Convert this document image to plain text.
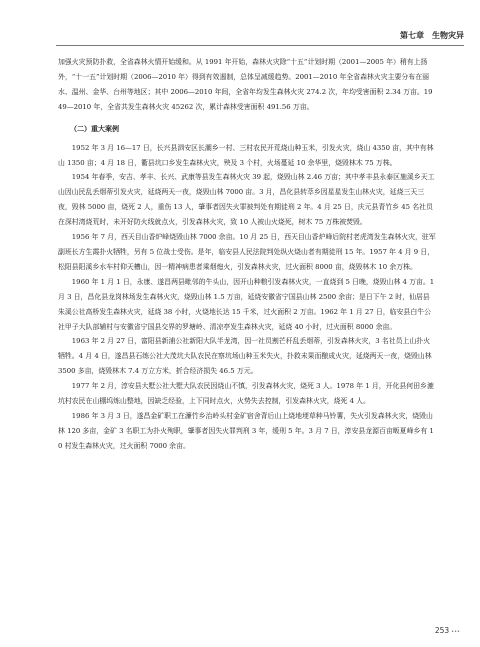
第七章　生物灾异

加强火灾预防扑救，全省森林火情开始缓和。从 1991 年开始，森林火灾除“十五”计划时期（2001—2005 年）稍有上扬外，“十一五”计划时期（2006—2010 年）得到有效遏制，总体呈减缓趋势。2001—2010 年全省森林火灾主要分布在丽水、温州、金华、台州等地区；其中 2006—2010 年间，全省年均发生森林火灾 274.2 次，年均受害面积 2.34 万亩。1949—2010 年，全省共发生森林火灾 45262 次，累计森林受害面积 491.56 万亩。

（二）重大案例

1952 年 3 月 16—17 日，长兴县泗安区长潮乡一村、三村农民开荒烧山种玉米，引发火灾，烧山 4350 亩，其中有林山 1350 亩；4 月 18 日，衢县坑口乡发生森林火灾，殃及 3 个村，火场蔓延 10 余华里，烧毁林木 75 万株。

1954 年春季，安吉、孝丰、长兴、武康等县发生森林火灾 39 起，烧毁山林 2.46 万亩；其中孝丰县永泰区施溪乡天工山因山民乱丢烟蒂引发火灾，延烧两天一夜，烧毁山林 7000 亩。3 月，昌化县转萃乡因星星发生山林火灾，延烧三天三夜，毁林 5000 亩，烧死 2 人，重伤 13 人，肇事者因失火罪被判处有期徒刑 2 年。4 月 25 日，庆元县青竹乡 45 名社员在深村湾烧荒时，未开好防火线就点火，引发森林火灾，致 10 人被山火烧死，树木 75 万株被焚毁。

1956 年 7 月，西天目山香炉峰烧毁山林 7000 余亩。10 月 25 日，西天目山香炉峰后院村老虎湾发生森林火灾，驻军副班长方生霞扑火牺牲，另有 5 位战士受伤。是年，临安县人民法院判处纵火烧山者有期徒刑 15 年。1957 年 4 月 9 日，松阳县阳溪乡水车村仰天槽山，因一精神病患者乘烟熄火，引发森林火灾，过火面积 8000 亩，烧毁林木 10 余万株。

1960 年 1 月 1 日，永康、遂昌两县毗邻的牛头山，因开山种粮引发森林火灾，一直烧到 5 日晚，烧毁山林 4 万亩。1 月 3 日，昌化县龙岗林场发生森林火灾，烧毁山林 1.5 万亩，延烧安徽省宁国县山林 2500 余亩；是日下午 2 时，仙居县朱溪公社高桥发生森林火灾，延烧 38 小时，火烧地长达 15 千米，过火面积 2 万亩。1962 年 1 月 27 日，临安县白牛公社甲子大队部辅村与安徽省宁国县交界的罗塘岭、清凉亭发生森林火灾，延烧 40 小时，过火面积 8000 余亩。

1963 年 2 月 27 日，富阳县新浦公社新阳大队半龙湾，因一社员割芒秆乱丢烟蒂，引发森林火灾，3 名社员上山扑火牺牲。4 月 4 日，遂昌县石练公社大茂坑大队农民在察坑场山种玉米失火，扑救未果而酿成火灾，延烧两天一夜，烧毁山林 3500 多亩，烧毁林木 7.4 万立方米，折合经济损失 46.5 万元。

1977 年 2 月，淳安县大墅公社大墅大队农民因烧山不慎，引发森林火灾，烧死 3 人。1978 年 1 月，开化县何田乡漉坑村农民在山棚坞炼山整地，因缺乏经验，上下同时点火，火势失去控制，引发森林火灾，烧死 4 人。

1986 年 3 月 3 日，遂昌金矿职工在濂竹乡治岭头村金矿宿舍背后山上烧地埂草种马铃薯，失火引发森林火灾，烧毁山林 120 多亩，金矿 3 名职工为扑火殉职，肇事者因失火罪判刑 3 年，缓刑 5 年。3 月 7 日，淳安县龙源百亩畈夏峰乡有 10 村发生森林火灾，过火面积 7000 余亩。

253 •••
